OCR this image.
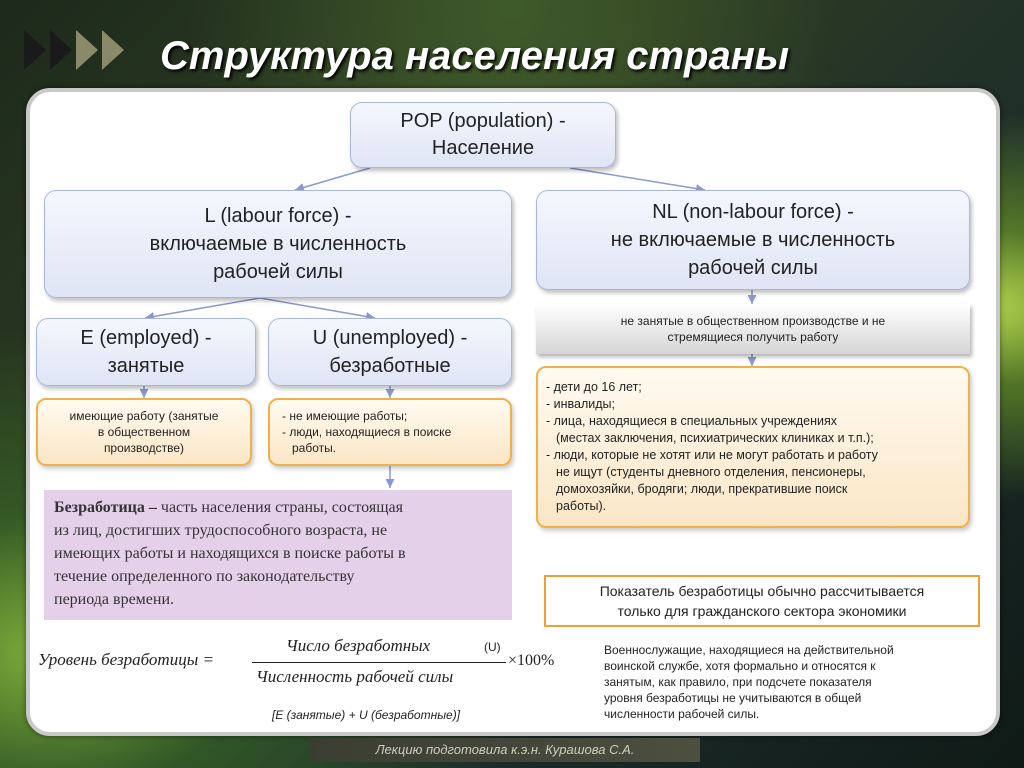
Структура населения страны
POP (population) -
Население
L (labour force) -
включаемые в численность
рабочей силы
NL (non-labour force) -
не включаемые в численность
рабочей силы
E (employed) -
занятые
U (unemployed) -
безработные
не занятые в общественном производстве и не
стремящиеся получить работу
имеющие работу (занятые
в общественном
производстве)
- не имеющие работы;
- люди, находящиеся в поиске
работы.
- дети до 16 лет;
- инвалиды;
- лица, находящиеся в специальных учреждениях
(местах заключения, психиатрических клиниках и т.п.);
- люди, которые не хотят или не могут работать и работу
не ищут (студенты дневного отделения, пенсионеры,
домохозяйки, бродяги; люди, прекратившие поиск
работы).
Безработица – часть населения страны, состоящая
из лиц, достигших трудоспособного возраста, не
имеющих работы и находящихся в поиске работы в
течение определенного по законодательству
периода времени.	Показатель безработицы обычно рассчитывается
только для гражданского сектора экономики
Военнослужащие, находящиеся на действительной
воинской службе, хотя формально и относятся к
занятым, как правило, при подсчете показателя
уровня безработицы не учитываются в общей
численности рабочей силы.
Уровень безработицы =
Число безработных	(U)
Численность рабочей силы
×100%
[E (занятые) + U (безработные)]
Лекцию подготовила к.э.н. Курашова С.А.
